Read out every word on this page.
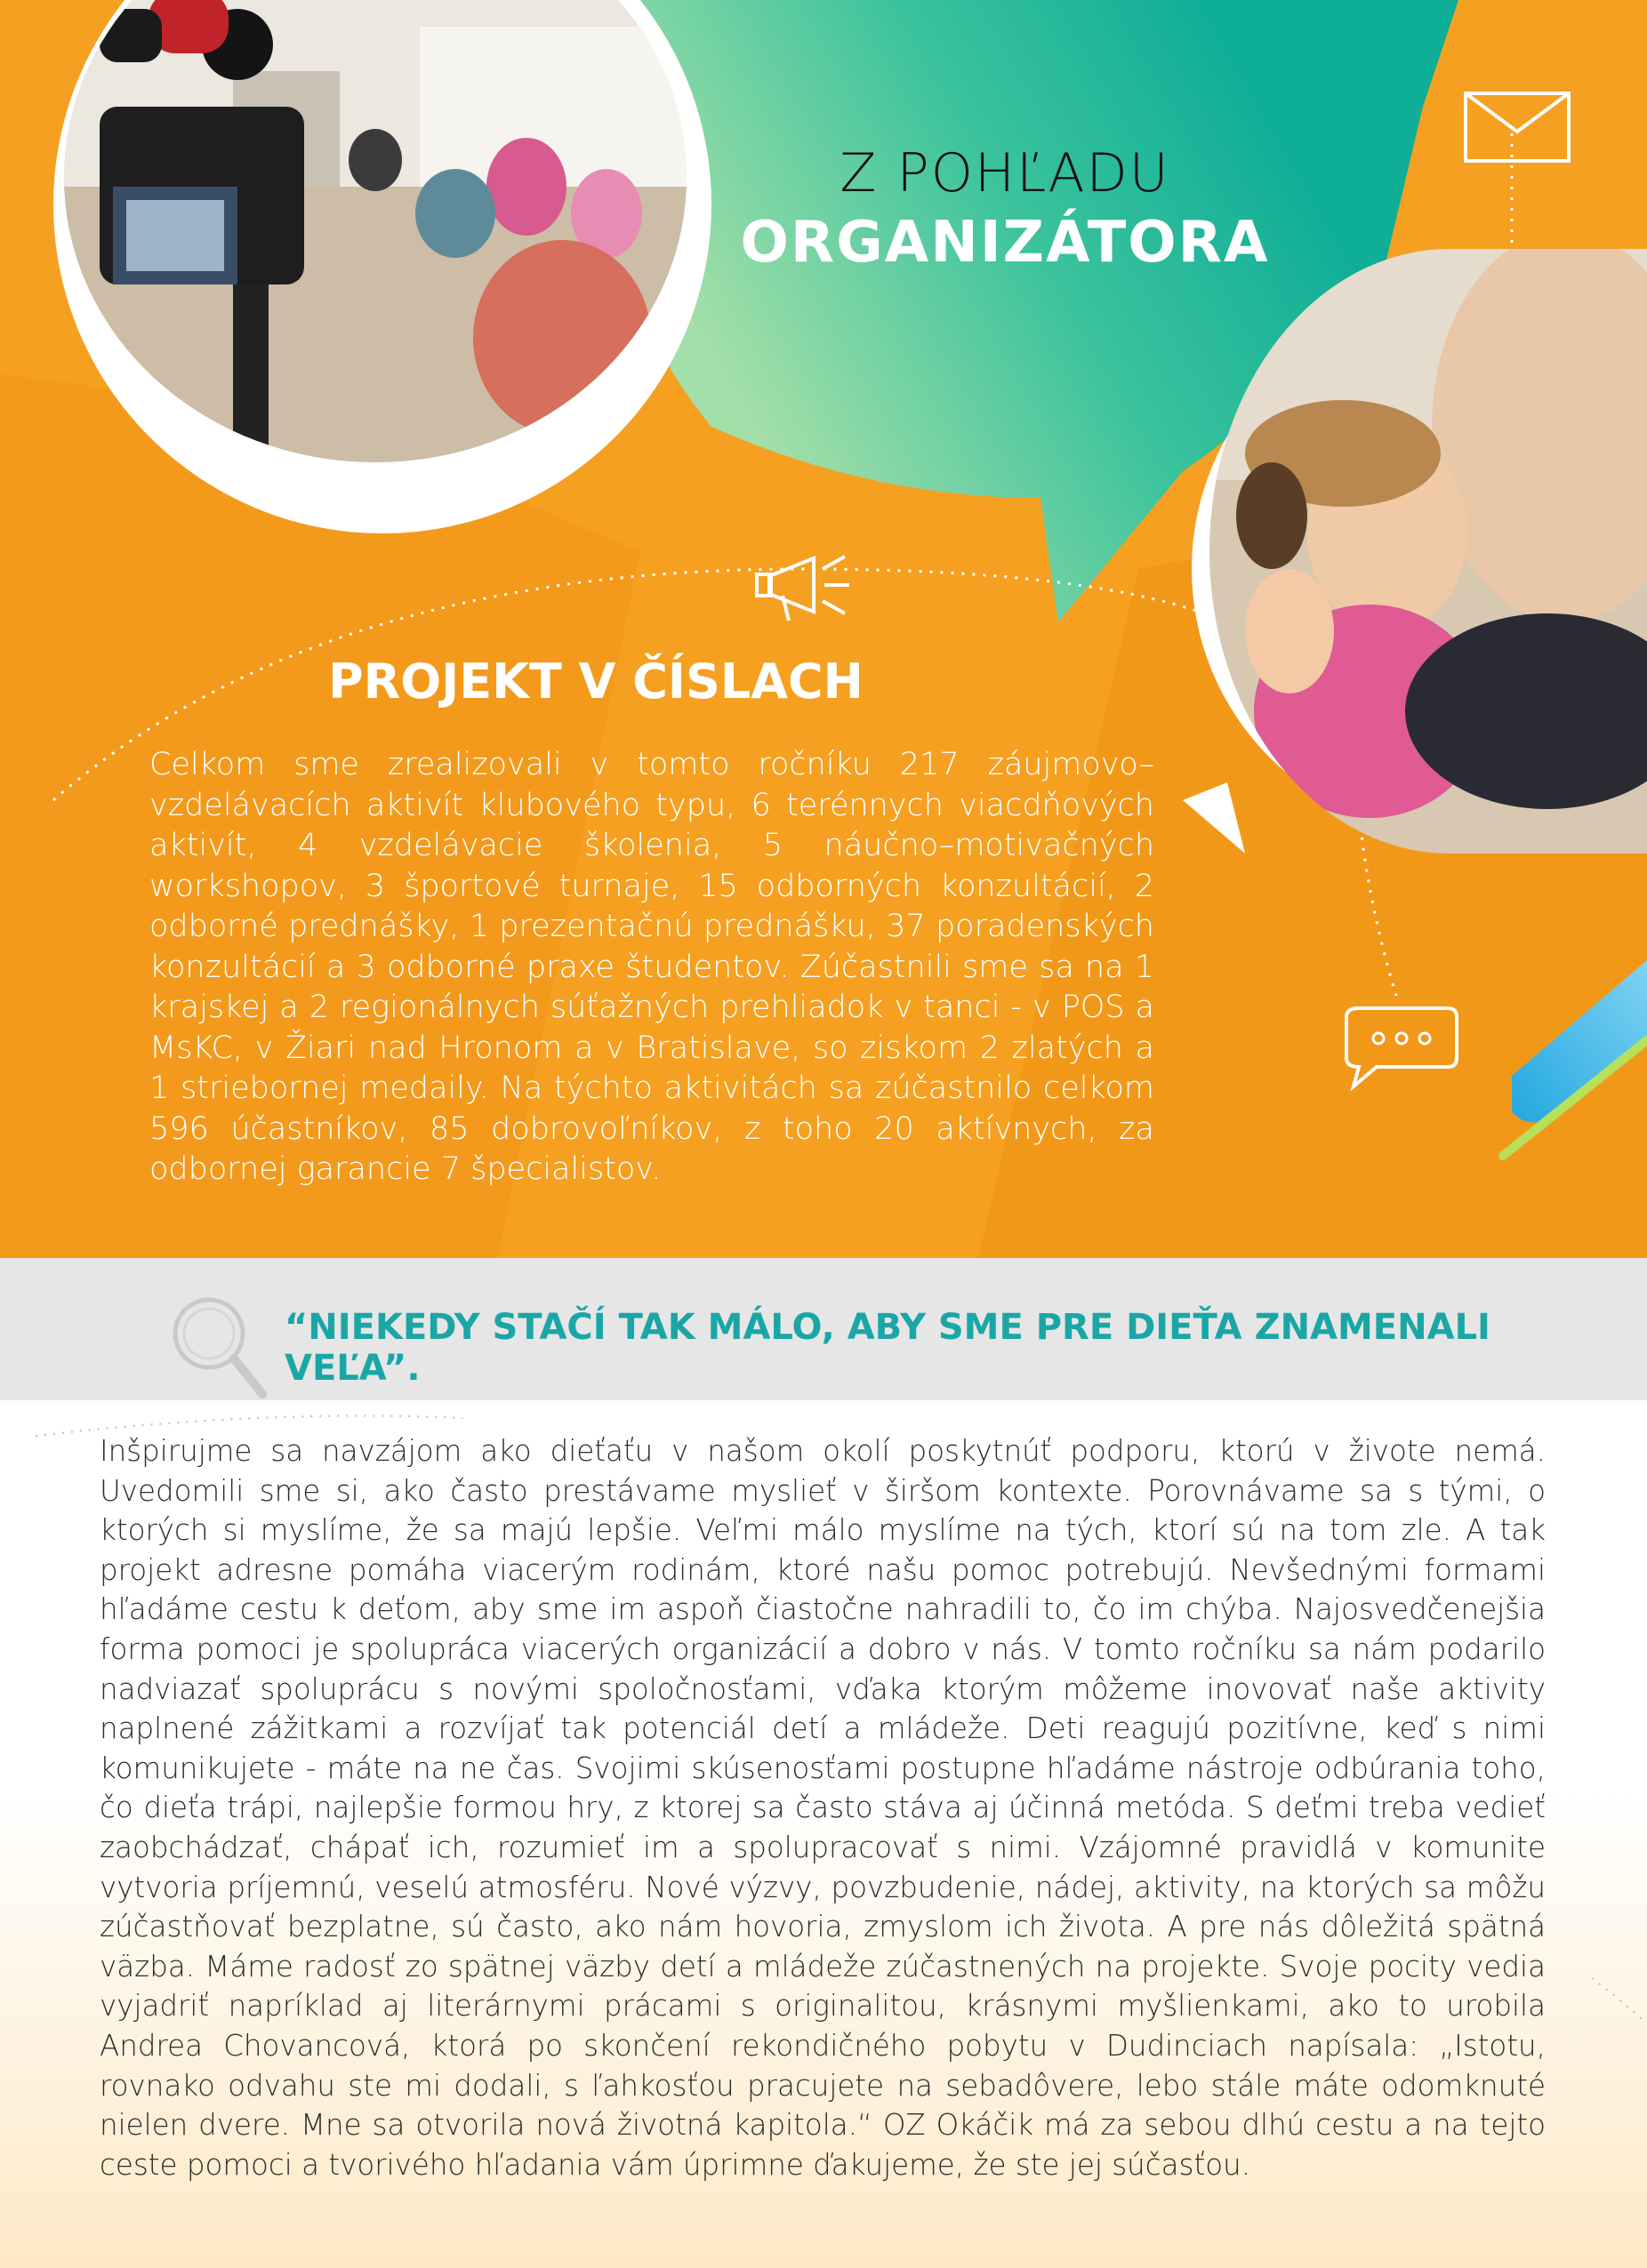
Z POHĽADU
ORGANIZÁTORA
PROJEKT V ČÍSLACH
Celkom sme zrealizovali v tomto ročníku 217 záujmovo–vzdelávacích aktivít klubového typu, 6 terénnych viacdňových aktivít, 4 vzdelávacie školenia, 5 náučno–motivačných workshopov, 3 športové turnaje, 15 odborných konzultácií, 2 odborné prednášky, 1 prezentačnú prednášku, 37 poradenských konzultácií a 3 odborné praxe študentov. Zúčastnili sme sa na 1 krajskej a 2 regionálnych súťažných prehliadok v tanci - v POS a MsKC, v Žiari nad Hronom a v Bratislave, so ziskom 2 zlatých a 1 striebornej medaily. Na týchto aktivitách sa zúčastnilo celkom 596 účastníkov, 85 dobrovoľníkov, z toho 20 aktívnych, za odbornej garancie 7 špecialistov.
“NIEKEDY STAČÍ TAK MÁLO, ABY SME PRE DIEŤA ZNAMENALI VEĽA”.
Inšpirujme sa navzájom ako dieťaťu v našom okolí poskytnúť podporu, ktorú v živote nemá. Uvedomili sme si, ako často prestávame myslieť v širšom kontexte. Porovnávame sa s tými, o ktorých si myslíme, že sa majú lepšie. Veľmi málo myslíme na tých, ktorí sú na tom zle. A tak projekt adresne pomáha viacerým rodinám, ktoré našu pomoc potrebujú. Nevšednými formami hľadáme cestu k deťom, aby sme im aspoň čiastočne nahradili to, čo im chýba. Najosvedčenejšia forma pomoci je spolupráca viacerých organizácií a dobro v nás. V tomto ročníku sa nám podarilo nadviazať spoluprácu s novými spoločnosťami, vďaka ktorým môžeme inovovať naše aktivity naplnené zážitkami a rozvíjať tak potenciál detí a mládeže. Deti reagujú pozitívne, keď s nimi komunikujete - máte na ne čas. Svojimi skúsenosťami postupne hľadáme nástroje odbúrania toho, čo dieťa trápi, najlepšie formou hry, z ktorej sa často stáva aj účinná metóda. S deťmi treba vedieť zaobchádzať, chápať ich, rozumieť im a spolupracovať s nimi. Vzájomné pravidlá v komunite vytvoria príjemnú, veselú atmosféru. Nové výzvy, povzbudenie, nádej, aktivity, na ktorých sa môžu zúčastňovať bezplatne, sú často, ako nám hovoria, zmyslom ich života. A pre nás dôležitá spätná väzba. Máme radosť zo spätnej väzby detí a mládeže zúčastnených na projekte. Svoje pocity vedia vyjadriť napríklad aj literárnymi prácami s originalitou, krásnymi myšlienkami, ako to urobila Andrea Chovancová, ktorá po skončení rekondičného pobytu v Dudinciach napísala: „Istotu, rovnako odvahu ste mi dodali, s ľahkosťou pracujete na sebadôvere, lebo stále máte odomknuté nielen dvere. Mne sa otvorila nová životná kapitola.“ OZ Okáčik má za sebou dlhú cestu a na tejto ceste pomoci a tvorivého hľadania vám úprimne ďakujeme, že ste jej súčasťou.
